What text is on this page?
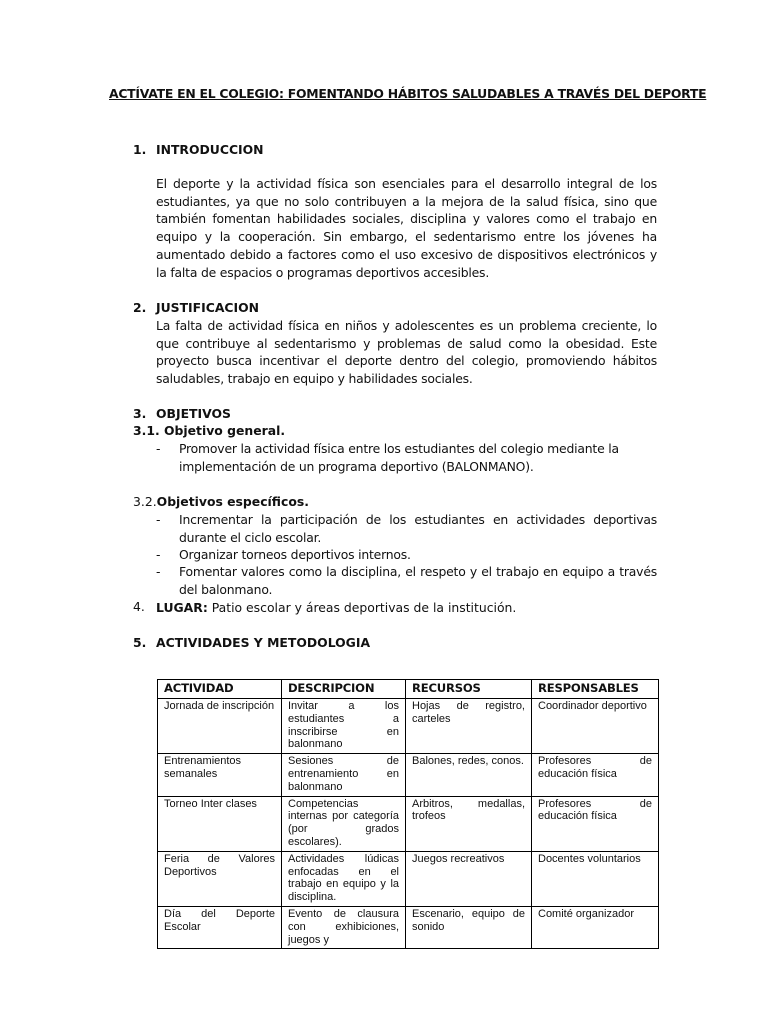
ACTÍVATE EN EL COLEGIO: FOMENTANDO HÁBITOS SALUDABLES A TRAVÉS DEL DEPORTE
1. INTRODUCCION
El deporte y la actividad física son esenciales para el desarrollo integral de los estudiantes, ya que no solo contribuyen a la mejora de la salud física, sino que también fomentan habilidades sociales, disciplina y valores como el trabajo en equipo y la cooperación. Sin embargo, el sedentarismo entre los jóvenes ha aumentado debido a factores como el uso excesivo de dispositivos electrónicos y la falta de espacios o programas deportivos accesibles.
2. JUSTIFICACION
La falta de actividad física en niños y adolescentes es un problema creciente, lo que contribuye al sedentarismo y problemas de salud como la obesidad. Este proyecto busca incentivar el deporte dentro del colegio, promoviendo hábitos saludables, trabajo en equipo y habilidades sociales.
3. OBJETIVOS
3.1. Objetivo general.
- Promover la actividad física entre los estudiantes del colegio mediante la implementación de un programa deportivo (BALONMANO).
3.2.Objetivos específicos.
- Incrementar la participación de los estudiantes en actividades deportivas durante el ciclo escolar.
- Organizar torneos deportivos internos.
- Fomentar valores como la disciplina, el respeto y el trabajo en equipo a través del balonmano.
4. LUGAR: Patio escolar y áreas deportivas de la institución.
5. ACTIVIDADES Y METODOLOGIA
ACTIVIDAD	DESCRIPCION	RECURSOS	RESPONSABLES
Jornada de inscripción	Invitar a los estudiantes a inscribirse en balonmano	Hojas de registro, carteles	Coordinador deportivo
Entrenamientos semanales	Sesiones de entrenamiento en balonmano	Balones, redes, conos.	Profesores de educación física
Torneo Inter clases	Competencias internas por categoría (por grados escolares).	Arbitros, medallas, trofeos	Profesores de educación física
Feria de Valores Deportivos	Actividades lúdicas enfocadas en el trabajo en equipo y la disciplina.	Juegos recreativos	Docentes voluntarios
Día del Deporte Escolar	Evento de clausura con exhibiciones, juegos y	Escenario, equipo de sonido	Comité organizador
